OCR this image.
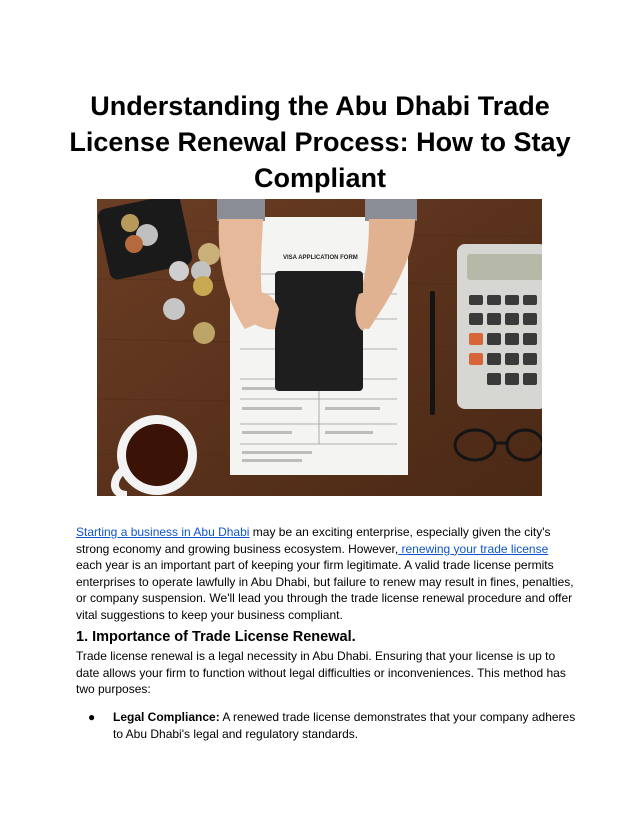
Understanding the Abu Dhabi Trade License Renewal Process: How to Stay Compliant
VISA APPLICATION FORM

Starting a business in Abu Dhabi may be an exciting enterprise, especially given the city's strong economy and growing business ecosystem. However, renewing your trade license
each year is an important part of keeping your firm legitimate. A valid trade license permits enterprises to operate lawfully in Abu Dhabi, but failure to renew may result in fines, penalties, or company suspension. We'll lead you through the trade license renewal procedure and offer vital suggestions to keep your business compliant.

1. Importance of Trade License Renewal.

Trade license renewal is a legal necessity in Abu Dhabi. Ensuring that your license is up to date allows your firm to function without legal difficulties or inconveniences. This method has two purposes:

● Legal Compliance: A renewed trade license demonstrates that your company adheres to Abu Dhabi's legal and regulatory standards.
